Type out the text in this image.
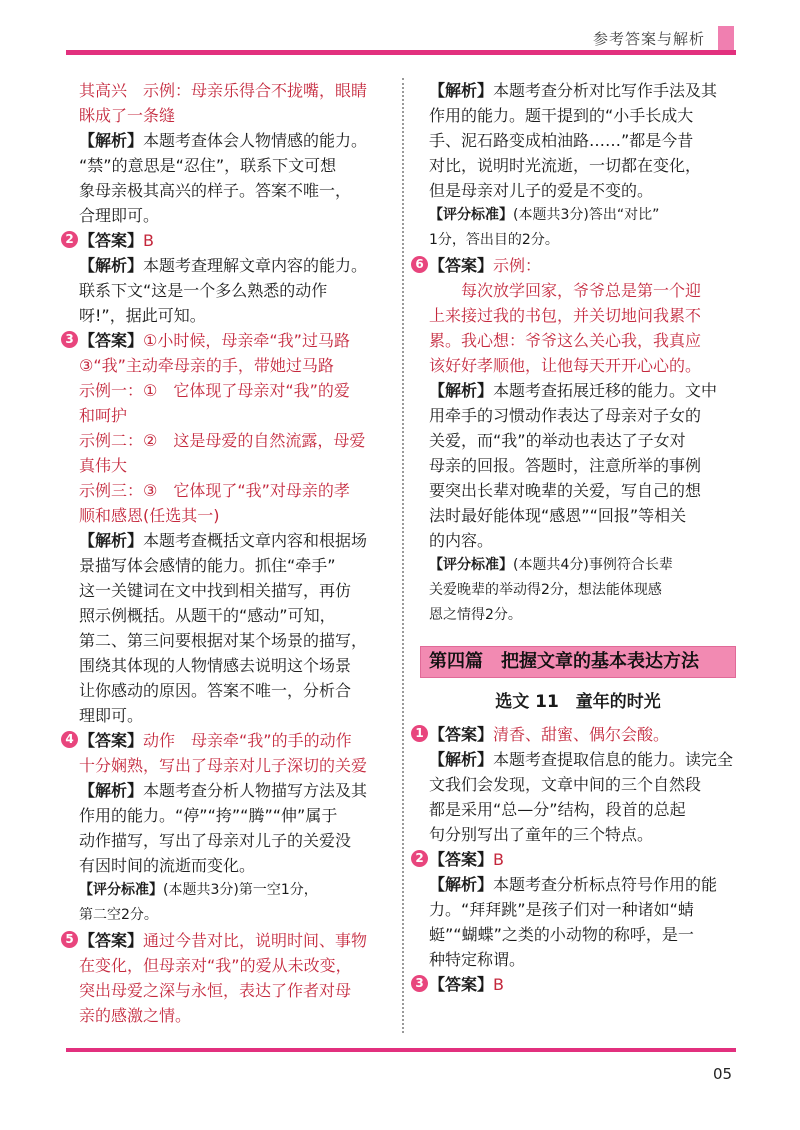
参考答案与解析
其高兴　示例：母亲乐得合不拢嘴，眼睛
眯成了一条缝
【解析】本题考查体会人物情感的能力。
“禁”的意思是“忍住”，联系下文可想
象母亲极其高兴的样子。答案不唯一，
合理即可。
2 【答案】B
【解析】本题考查理解文章内容的能力。
联系下文“这是一个多么熟悉的动作
呀!”，据此可知。
3 【答案】①小时候，母亲牵“我”过马路
③“我”主动牵母亲的手，带她过马路
示例一：①　它体现了母亲对“我”的爱
和呵护
示例二：②　这是母爱的自然流露，母爱
真伟大
示例三：③　它体现了“我”对母亲的孝
顺和感恩(任选其一)
【解析】本题考查概括文章内容和根据场
景描写体会感情的能力。抓住“牵手”
这一关键词在文中找到相关描写，再仿
照示例概括。从题干的“感动”可知，
第二、第三问要根据对某个场景的描写，
围绕其体现的人物情感去说明这个场景
让你感动的原因。答案不唯一，分析合
理即可。
4 【答案】动作　母亲牵“我”的手的动作
十分娴熟，写出了母亲对儿子深切的关爱
【解析】本题考查分析人物描写方法及其
作用的能力。“停”“挎”“腾”“伸”属于
动作描写，写出了母亲对儿子的关爱没
有因时间的流逝而变化。
【评分标准】(本题共3分)第一空1分，
第二空2分。
5 【答案】通过今昔对比，说明时间、事物
在变化，但母亲对“我”的爱从未改变，
突出母爱之深与永恒，表达了作者对母
亲的感激之情。
【解析】本题考查分析对比写作手法及其
作用的能力。题干提到的“小手长成大
手、泥石路变成柏油路……”都是今昔
对比，说明时光流逝，一切都在变化，
但是母亲对儿子的爱是不变的。
【评分标准】(本题共3分)答出“对比”
1分，答出目的2分。
6 【答案】示例：
每次放学回家，爷爷总是第一个迎
上来接过我的书包，并关切地问我累不
累。我心想：爷爷这么关心我，我真应
该好好孝顺他，让他每天开开心心的。
【解析】本题考查拓展迁移的能力。文中
用牵手的习惯动作表达了母亲对子女的
关爱，而“我”的举动也表达了子女对
母亲的回报。答题时，注意所举的事例
要突出长辈对晚辈的关爱，写自己的想
法时最好能体现“感恩”“回报”等相关
的内容。
【评分标准】(本题共4分)事例符合长辈
关爱晚辈的举动得2分，想法能体现感
恩之情得2分。
第四篇　把握文章的基本表达方法
选文 11　童年的时光
1 【答案】清香、甜蜜、偶尔会酸。
【解析】本题考查提取信息的能力。读完全
文我们会发现，文章中间的三个自然段
都是采用“总—分”结构，段首的总起
句分别写出了童年的三个特点。
2 【答案】B
【解析】本题考查分析标点符号作用的能
力。“拜拜跳”是孩子们对一种诸如“蜻
蜓”“蝴蝶”之类的小动物的称呼，是一
种特定称谓。
3 【答案】B
05
